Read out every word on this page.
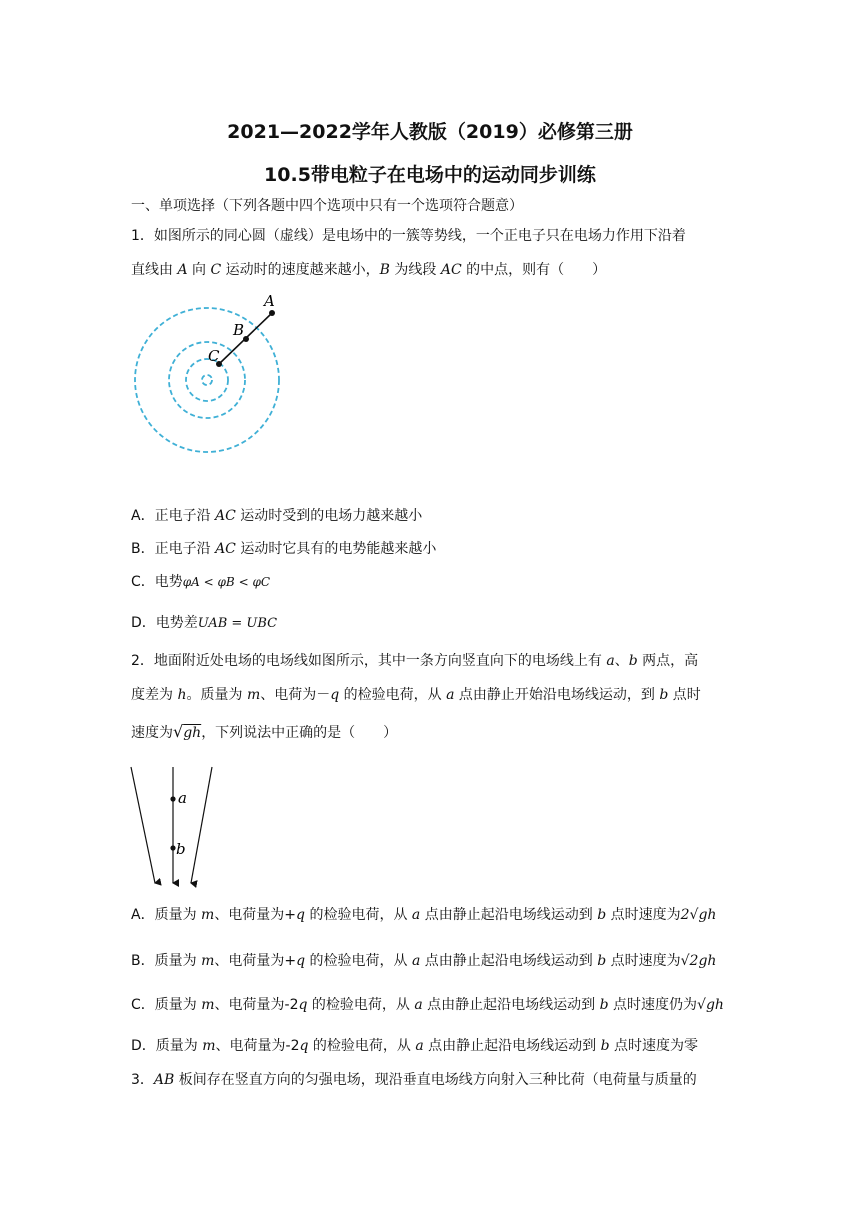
2021—2022学年人教版（2019）必修第三册
10.5带电粒子在电场中的运动同步训练
一、单项选择（下列各题中四个选项中只有一个选项符合题意）
1．如图所示的同心圆（虚线）是电场中的一簇等势线，一个正电子只在电场力作用下沿着
直线由 A 向 C 运动时的速度越来越小，B 为线段 AC 的中点，则有（　　）
A
B
C
A．正电子沿 AC 运动时受到的电场力越来越小
B．正电子沿 AC 运动时它具有的电势能越来越小
C．电势φA < φB < φC
D．电势差UAB = UBC
2．地面附近处电场的电场线如图所示，其中一条方向竖直向下的电场线上有 a、b 两点，高
度差为 h。质量为 m、电荷为－q 的检验电荷，从 a 点由静止开始沿电场线运动，到 b 点时
速度为√gh，下列说法中正确的是（　　）
a
b
A．质量为 m、电荷量为+q 的检验电荷，从 a 点由静止起沿电场线运动到 b 点时速度为2√gh
B．质量为 m、电荷量为+q 的检验电荷，从 a 点由静止起沿电场线运动到 b 点时速度为√2gh
C．质量为 m、电荷量为-2q 的检验电荷，从 a 点由静止起沿电场线运动到 b 点时速度仍为√gh
D．质量为 m、电荷量为-2q 的检验电荷，从 a 点由静止起沿电场线运动到 b 点时速度为零
3．AB 板间存在竖直方向的匀强电场，现沿垂直电场线方向射入三种比荷（电荷量与质量的
